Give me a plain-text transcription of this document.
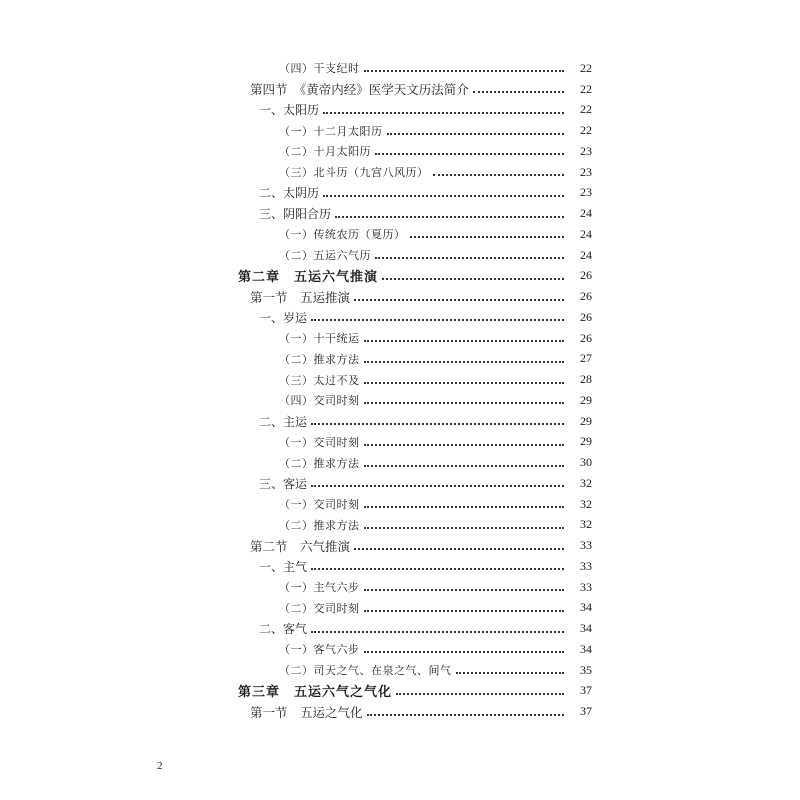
（四）干支纪时	22
第四节　《黄帝内经》医学天文历法简介	22
一、太阳历	22
（一）十二月太阳历	22
（二）十月太阳历	23
（三）北斗历（九宫八风历）	23
二、太阴历	23
三、阴阳合历	24
（一）传统农历（夏历）	24
（二）五运六气历	24
第二章　五运六气推演	26
第一节　五运推演	26
一、岁运	26
（一）十干统运	26
（二）推求方法	27
（三）太过不及	28
（四）交司时刻	29
二、主运	29
（一）交司时刻	29
（二）推求方法	30
三、客运	32
（一）交司时刻	32
（二）推求方法	32
第二节　六气推演	33
一、主气	33
（一）主气六步	33
（二）交司时刻	34
二、客气	34
（一）客气六步	34
（二）司天之气、在泉之气、间气	35
第三章　五运六气之气化	37
第一节　五运之气化	37
2
